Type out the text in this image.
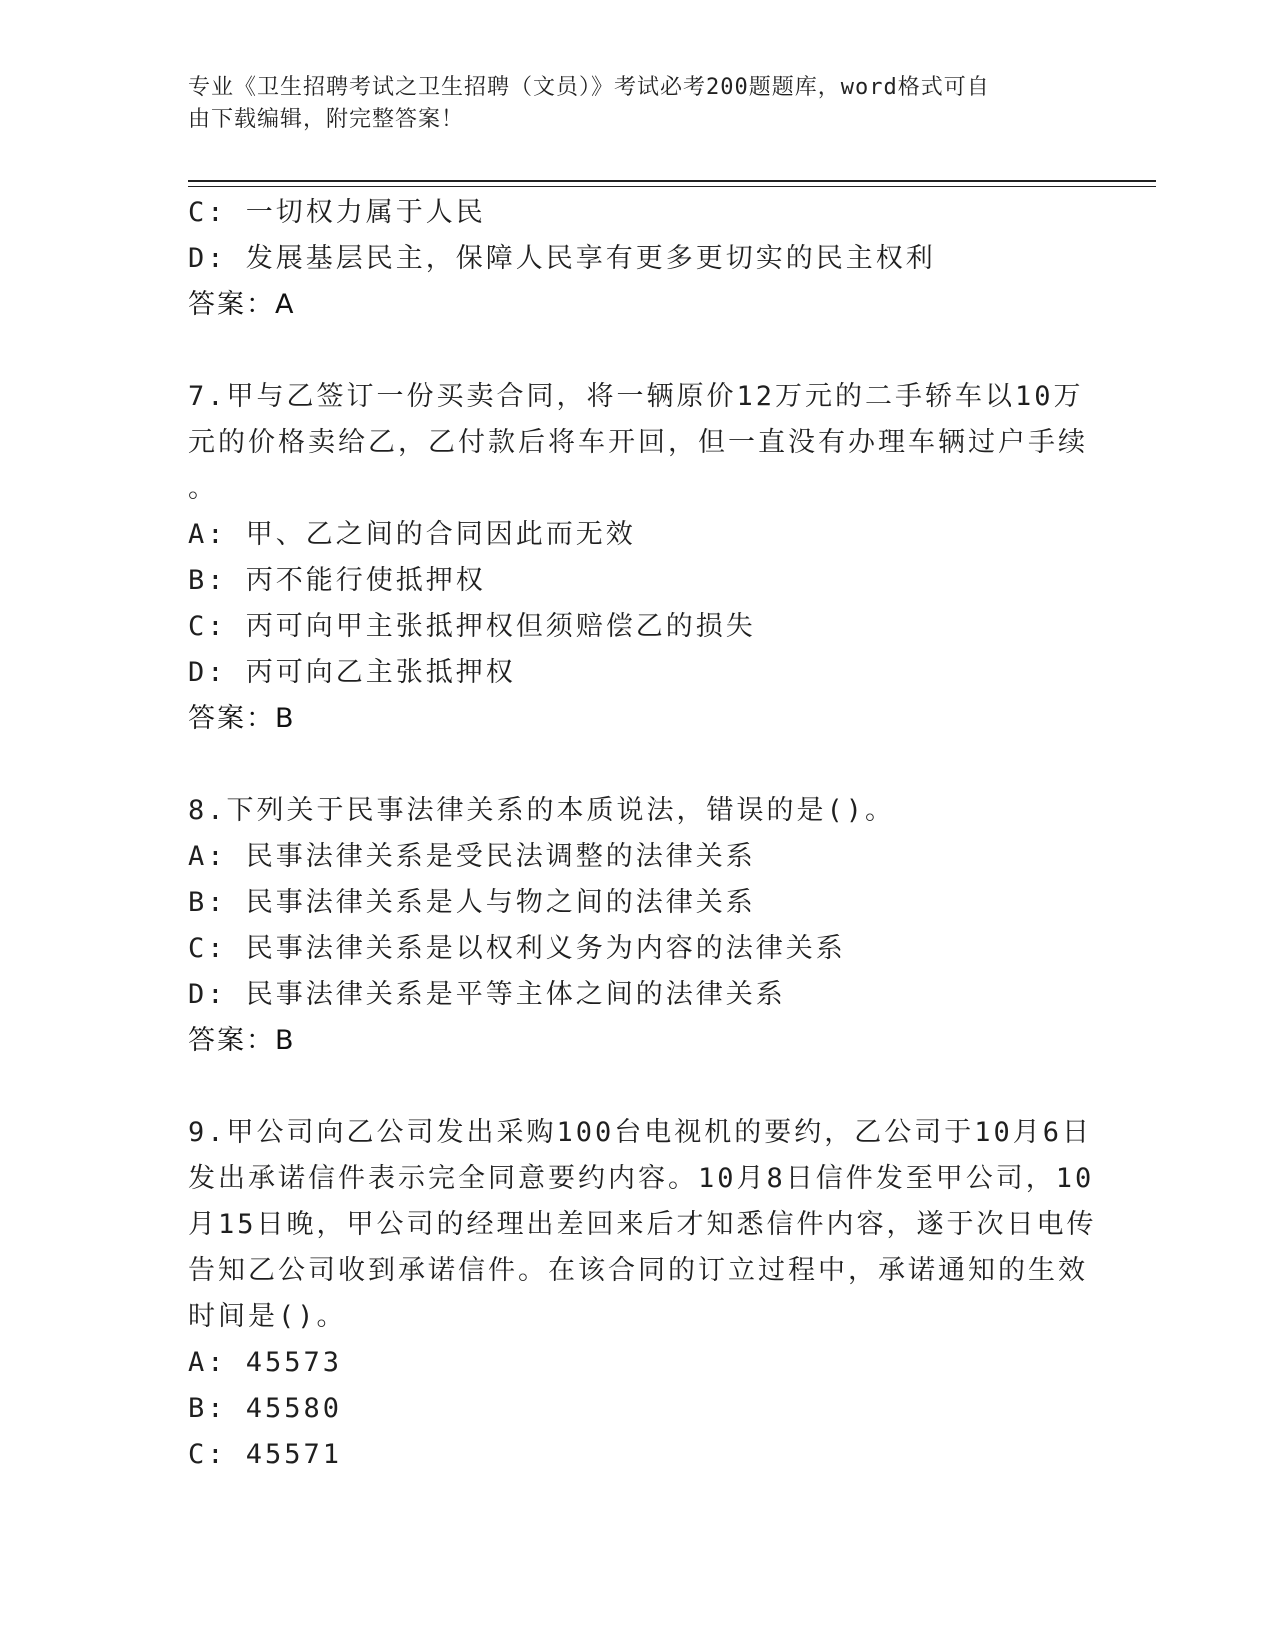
专业《卫生招聘考试之卫生招聘（文员）》考试必考200题题库，word格式可自
由下载编辑，附完整答案！
C: 一切权力属于人民
D: 发展基层民主，保障人民享有更多更切实的民主权利
答案：A
7.甲与乙签订一份买卖合同，将一辆原价12万元的二手轿车以10万
元的价格卖给乙，乙付款后将车开回，但一直没有办理车辆过户手续
。
A: 甲、乙之间的合同因此而无效
B: 丙不能行使抵押权
C: 丙可向甲主张抵押权但须赔偿乙的损失
D: 丙可向乙主张抵押权
答案：B
8.下列关于民事法律关系的本质说法，错误的是()。
A: 民事法律关系是受民法调整的法律关系
B: 民事法律关系是人与物之间的法律关系
C: 民事法律关系是以权利义务为内容的法律关系
D: 民事法律关系是平等主体之间的法律关系
答案：B
9.甲公司向乙公司发出采购100台电视机的要约，乙公司于10月6日
发出承诺信件表示完全同意要约内容。10月8日信件发至甲公司，10
月15日晚，甲公司的经理出差回来后才知悉信件内容，遂于次日电传
告知乙公司收到承诺信件。在该合同的订立过程中，承诺通知的生效
时间是()。
A: 45573
B: 45580
C: 45571
